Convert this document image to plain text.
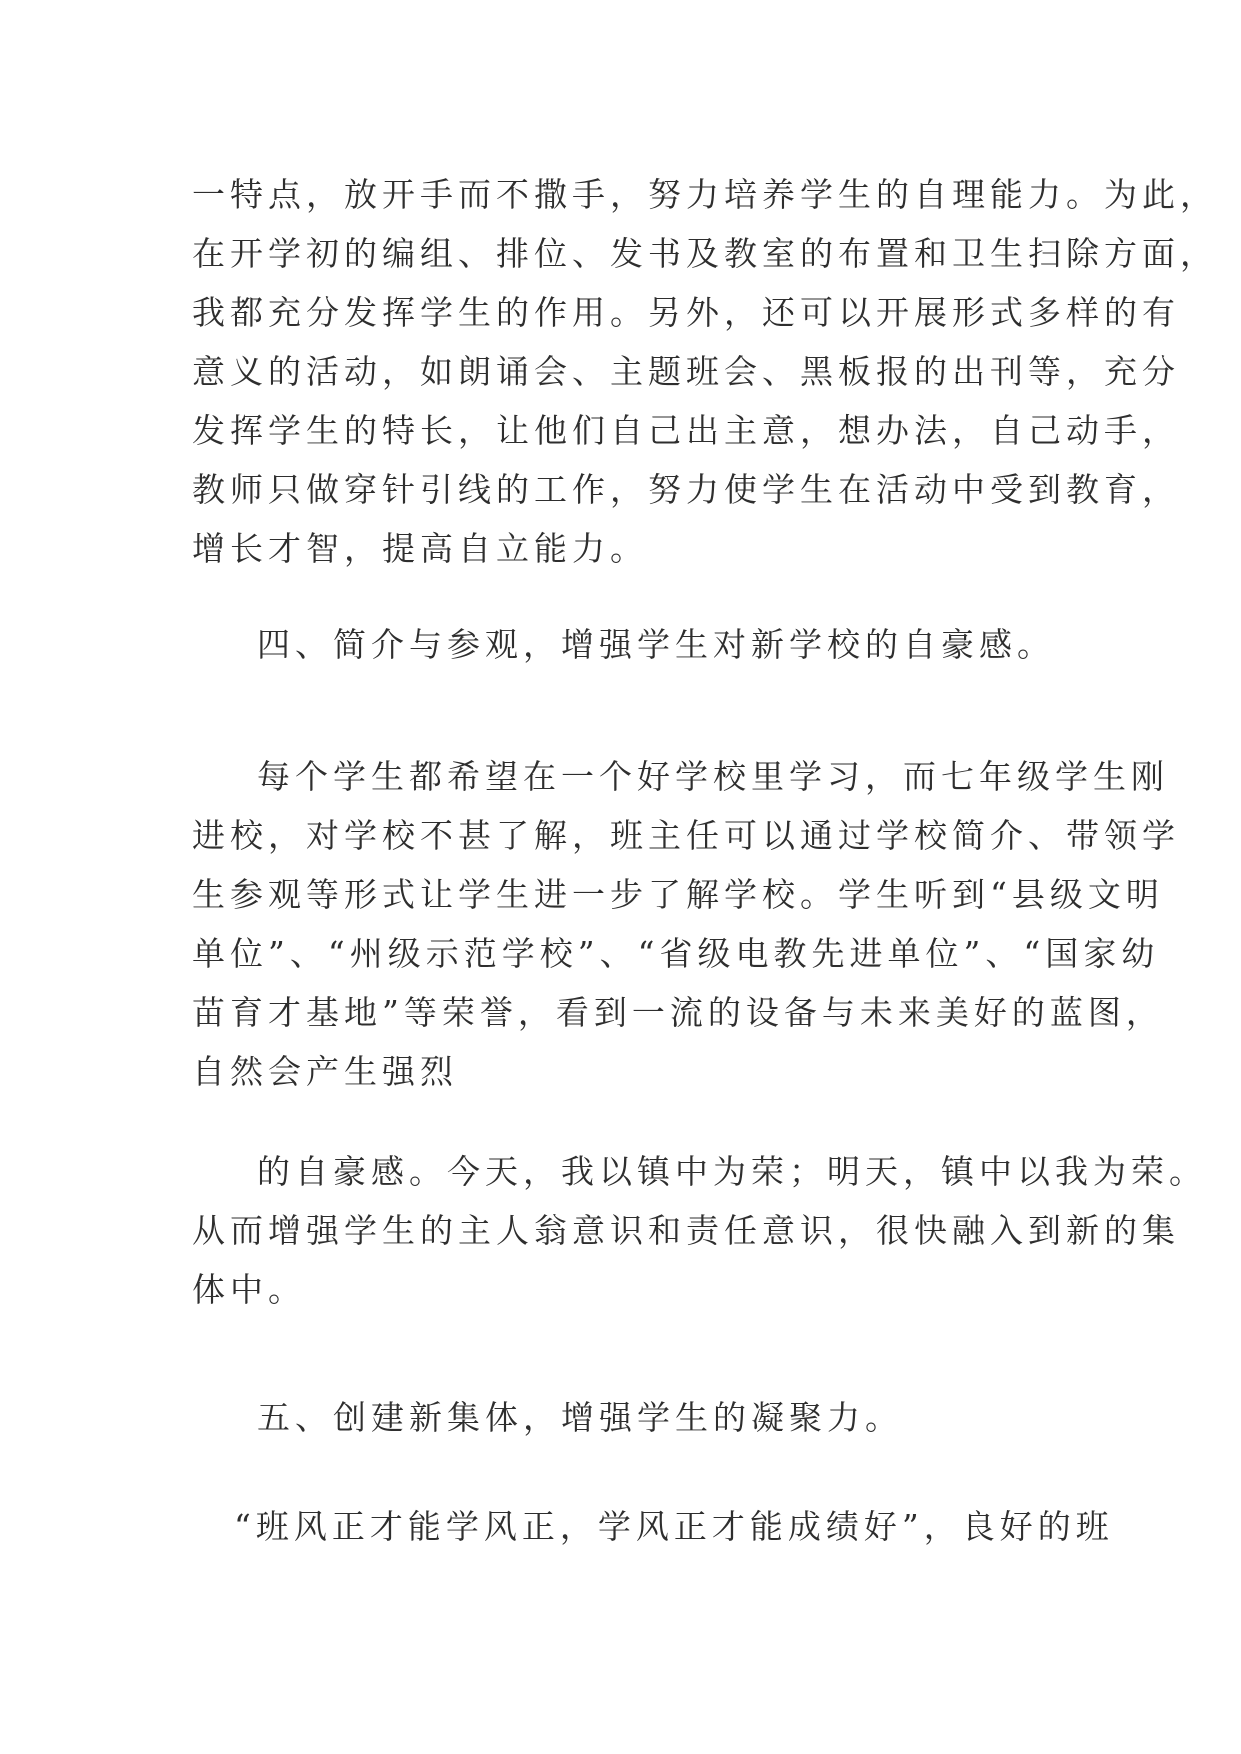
一特点，放开手而不撒手，努力培养学生的自理能力。为此，
在开学初的编组、排位、发书及教室的布置和卫生扫除方面，
我都充分发挥学生的作用。另外，还可以开展形式多样的有
意义的活动，如朗诵会、主题班会、黑板报的出刊等，充分
发挥学生的特长，让他们自己出主意，想办法，自己动手，
教师只做穿针引线的工作，努力使学生在活动中受到教育，
增长才智，提高自立能力。
四、简介与参观，增强学生对新学校的自豪感。
每个学生都希望在一个好学校里学习，而七年级学生刚
进校，对学校不甚了解，班主任可以通过学校简介、带领学
生参观等形式让学生进一步了解学校。学生听到“县级文明
单位”、“州级示范学校”、“省级电教先进单位”、“国家幼
苗育才基地”等荣誉，看到一流的设备与未来美好的蓝图，
自然会产生强烈
的自豪感。今天，我以镇中为荣；明天，镇中以我为荣。
从而增强学生的主人翁意识和责任意识，很快融入到新的集
体中。
五、创建新集体，增强学生的凝聚力。
“班风正才能学风正，学风正才能成绩好”，良好的班
